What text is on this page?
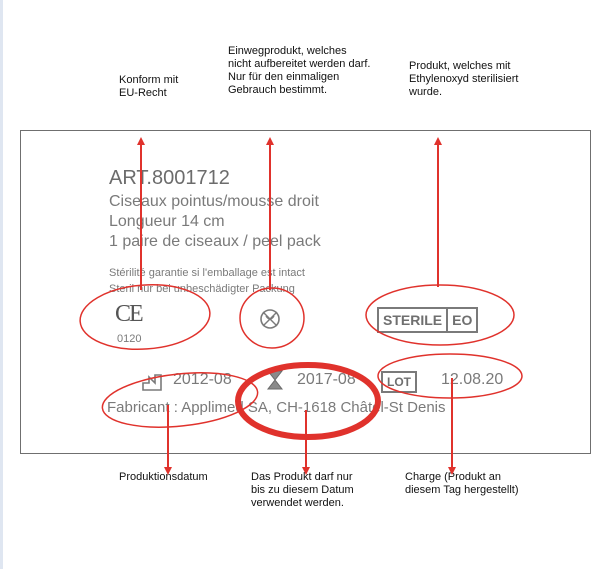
Konform mit
EU-Recht
Einwegprodukt, welches
nicht aufbereitet werden darf.
Nur für den einmaligen
Gebrauch bestimmt.
Produkt, welches mit
Ethylenoxyd sterilisiert
wurde.
ART.8001712
Ciseaux pointus/mousse droit
Longueur 14 cm
1 paire de ciseaux / peel pack
Stérilité garantie si l'emballage est intact
Steril nur bei unbeschädigter Packung
CE
0120
STERILE EO
2012-08	2017-08	LOT	12.08.20
Fabricant : Applimed SA, CH-1618 Châtel-St Denis
Produktionsdatum	Das Produkt darf nur
bis zu diesem Datum
verwendet werden.
Charge (Produkt an
diesem Tag hergestellt)
